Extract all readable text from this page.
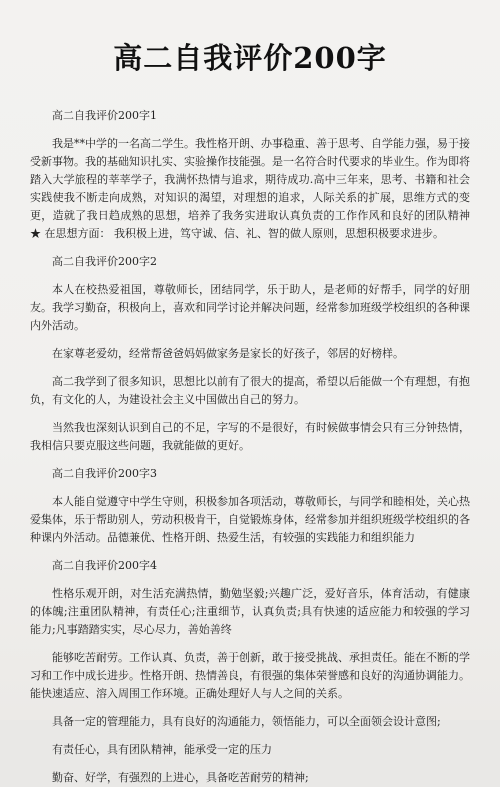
高二自我评价200字

高二自我评价200字1

我是**中学的一名高二学生。我性格开朗、办事稳重、善于思考、自学能力强，易于接受新事物。我的基础知识扎实、实验操作技能强。是一名符合时代要求的毕业生。作为即将踏入大学旅程的莘莘学子，我满怀热情与追求，期待成功.高中三年来，思考、书籍和社会实践使我不断走向成熟，对知识的渴望，对理想的追求，人际关系的扩展，思维方式的变更，造就了我日趋成熟的思想，培养了我务实进取认真负责的工作作风和良好的团队精神 ★ 在思想方面： 我积极上进，笃守诚、信、礼、智的做人原则，思想积极要求进步。

高二自我评价200字2

本人在校热爱祖国，尊敬师长，团结同学，乐于助人，是老师的好帮手，同学的好朋友。我学习勤奋，积极向上，喜欢和同学讨论并解决问题，经常参加班级学校组织的各种课内外活动。

在家尊老爱幼，经常帮爸爸妈妈做家务是家长的好孩子，邻居的好榜样。

高二我学到了很多知识，思想比以前有了很大的提高，希望以后能做一个有理想，有抱负，有文化的人，为建设社会主义中国做出自己的努力。

当然我也深刻认识到自己的不足，字写的不是很好，有时候做事情会只有三分钟热情，我相信只要克服这些问题，我就能做的更好。

高二自我评价200字3

本人能自觉遵守中学生守则，积极参加各项活动，尊敬师长，与同学和睦相处，关心热爱集体，乐于帮助别人，劳动积极肯干，自觉锻炼身体，经常参加并组织班级学校组织的各种课内外活动。品德兼优、性格开朗、热爱生活，有较强的实践能力和组织能力

高二自我评价200字4

性格乐观开朗，对生活充满热情，勤勉坚毅;兴趣广泛，爱好音乐，体育活动，有健康的体魄;注重团队精神，有责任心;注重细节，认真负责;具有快速的适应能力和较强的学习能力;凡事踏踏实实，尽心尽力，善始善终

能够吃苦耐劳。工作认真、负责，善于创新，敢于接受挑战、承担责任。能在不断的学习和工作中成长进步。性格开朗、热情善良，有很强的集体荣誉感和良好的沟通协调能力。能快速适应、溶入周围工作环境。正确处理好人与人之间的关系。

具备一定的管理能力，具有良好的沟通能力，领悟能力，可以全面领会设计意图;

有责任心，具有团队精神，能承受一定的压力

勤奋、好学，有强烈的上进心，具备吃苦耐劳的精神;
